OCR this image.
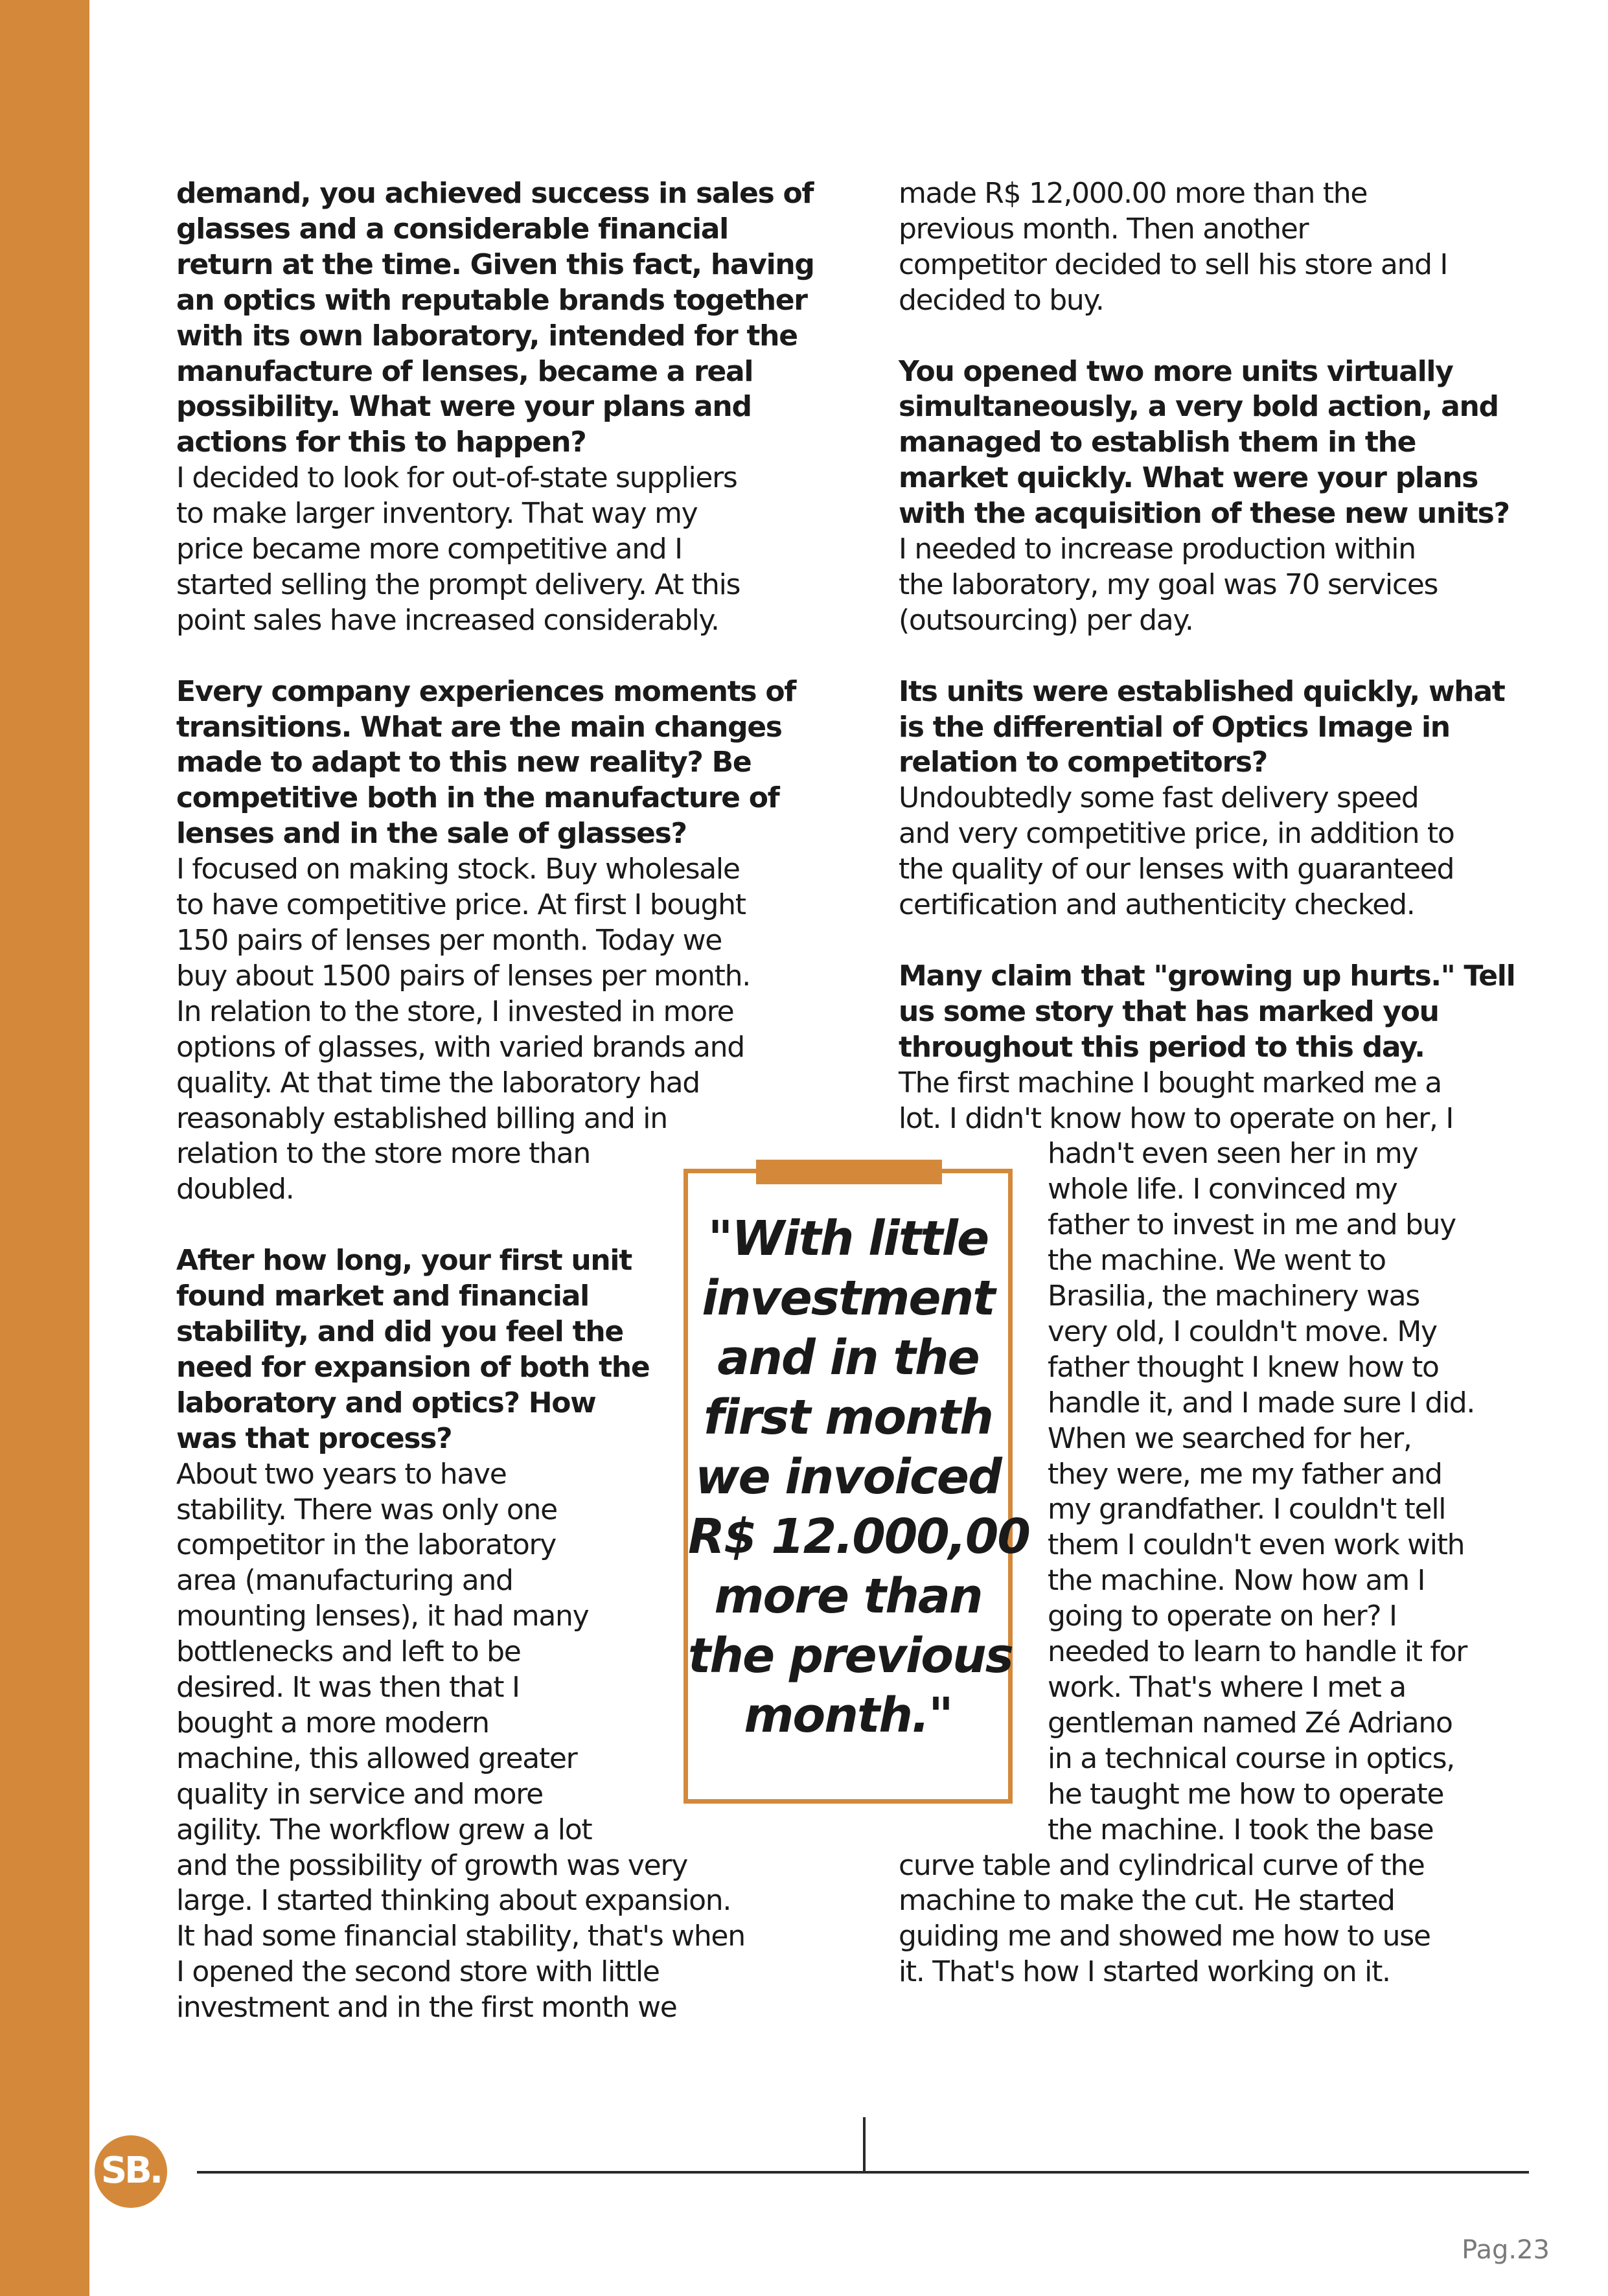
demand, you achieved success in sales of

glasses and a considerable financial

return at the time. Given this fact, having

an optics with reputable brands together

with its own laboratory, intended for the

manufacture of lenses, became a real

possibility. What were your plans and

actions for this to happen?

I decided to look for out-of-state suppliers

to make larger inventory. That way my

price became more competitive and I

started selling the prompt delivery. At this

point sales have increased considerably.

Every company experiences moments of

transitions. What are the main changes

made to adapt to this new reality? Be

competitive both in the manufacture of

lenses and in the sale of glasses?

I focused on making stock. Buy wholesale

to have competitive price. At first I bought

150 pairs of lenses per month. Today we

buy about 1500 pairs of lenses per month.

In relation to the store, I invested in more

options of glasses, with varied brands and

quality. At that time the laboratory had

reasonably established billing and in

relation to the store more than

doubled.

After how long, your first unit

found market and financial

stability, and did you feel the

need for expansion of both the

laboratory and optics? How

was that process?

About two years to have

stability. There was only one

competitor in the laboratory

area (manufacturing and

mounting lenses), it had many

bottlenecks and left to be

desired. It was then that I

bought a more modern

machine, this allowed greater

quality in service and more

agility. The workflow grew a lot

and the possibility of growth was very

large. I started thinking about expansion.

It had some financial stability, that's when

I opened the second store with little

investment and in the first month we

made R$ 12,000.00 more than the

previous month. Then another

competitor decided to sell his store and I

decided to buy.

You opened two more units virtually

simultaneously, a very bold action, and

managed to establish them in the

market quickly. What were your plans

with the acquisition of these new units?

I needed to increase production within

the laboratory, my goal was 70 services

(outsourcing) per day.

Its units were established quickly, what

is the differential of Optics Image in

relation to competitors?

Undoubtedly some fast delivery speed

and very competitive price, in addition to

the quality of our lenses with guaranteed

certification and authenticity checked.

Many claim that "growing up hurts." Tell

us some story that has marked you

throughout this period to this day.

The first machine I bought marked me a

lot. I didn't know how to operate on her, I

hadn't even seen her in my

whole life. I convinced my

father to invest in me and buy

the machine. We went to

Brasilia, the machinery was

very old, I couldn't move. My

father thought I knew how to

handle it, and I made sure I did.

When we searched for her,

they were, me my father and

my grandfather. I couldn't tell

them I couldn't even work with

the machine. Now how am I

going to operate on her? I

needed to learn to handle it for

work. That's where I met a

gentleman named Zé Adriano

in a technical course in optics,

he taught me how to operate

the machine. I took the base

curve table and cylindrical curve of the

machine to make the cut. He started

guiding me and showed me how to use

it. That's how I started working on it.

"With little
investment
and in the
first month
we invoiced
R$ 12.000,00
more than
the previous
month."
SB.
Pag.23
